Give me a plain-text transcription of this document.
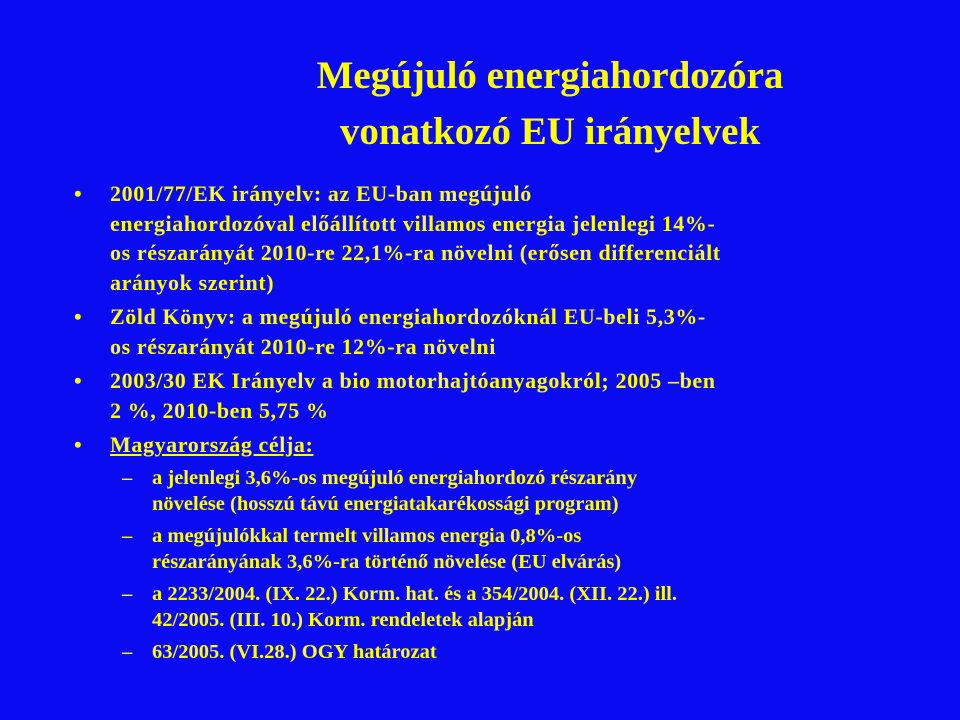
Megújuló energiahordozóra
vonatkozó EU irányelvek
• 2001/77/EK irányelv: az EU-ban megújuló
energiahordozóval előállított villamos energia jelenlegi 14%-
os részarányát 2010-re 22,1%-ra növelni (erősen differenciált
arányok szerint)
• Zöld Könyv: a megújuló energiahordozóknál EU-beli 5,3%-
os részarányát 2010-re 12%-ra növelni
• 2003/30 EK Irányelv a bio motorhajtóanyagokról; 2005 –ben
2 %, 2010-ben 5,75 %
• Magyarország célja:
– a jelenlegi 3,6%-os megújuló energiahordozó részarány
növelése (hosszú távú energiatakarékossági program)
– a megújulókkal termelt villamos energia 0,8%-os
részarányának 3,6%-ra történő növelése (EU elvárás)
– a 2233/2004. (IX. 22.) Korm. hat. és a 354/2004. (XII. 22.) ill.
42/2005. (III. 10.) Korm. rendeletek alapján
– 63/2005. (VI.28.) OGY határozat
